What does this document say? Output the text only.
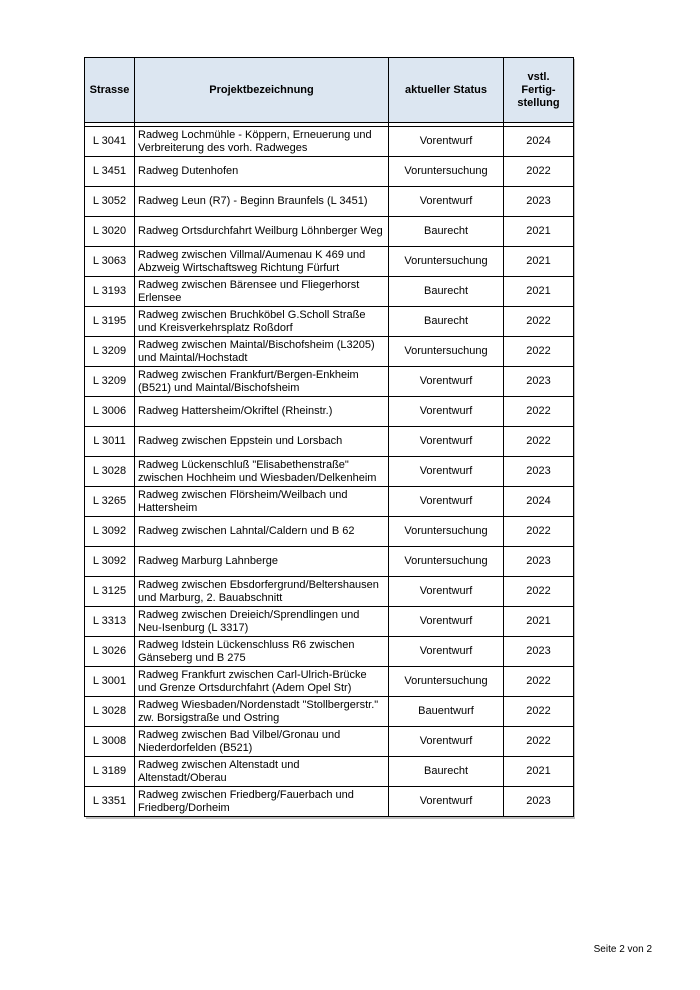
Strasse	Projektbezeichnung	aktueller Status	vstl. Fertig-stellung

L 3041	Radweg Lochmühle - Köppern, Erneuerung und Verbreiterung des vorh. Radweges	Vorentwurf	2024
L 3451	Radweg Dutenhofen	Voruntersuchung	2022
L 3052	Radweg Leun (R7) - Beginn Braunfels (L 3451)	Vorentwurf	2023
L 3020	Radweg Ortsdurchfahrt Weilburg Löhnberger Weg	Baurecht	2021
L 3063	Radweg zwischen Villmal/Aumenau K 469 und Abzweig Wirtschaftsweg Richtung Fürfurt	Voruntersuchung	2021
L 3193	Radweg zwischen Bärensee und Fliegerhorst Erlensee	Baurecht	2021
L 3195	Radweg zwischen Bruchköbel G.Scholl Straße und Kreisverkehrsplatz Roßdorf	Baurecht	2022
L 3209	Radweg zwischen Maintal/Bischofsheim (L3205) und Maintal/Hochstadt	Voruntersuchung	2022
L 3209	Radweg zwischen Frankfurt/Bergen-Enkheim (B521) und Maintal/Bischofsheim	Vorentwurf	2023
L 3006	Radweg Hattersheim/Okriftel (Rheinstr.)	Vorentwurf	2022
L 3011	Radweg zwischen Eppstein und Lorsbach	Vorentwurf	2022
L 3028	Radweg Lückenschluß "Elisabethenstraße" zwischen Hochheim und Wiesbaden/Delkenheim	Vorentwurf	2023
L 3265	Radweg zwischen Flörsheim/Weilbach und Hattersheim	Vorentwurf	2024
L 3092	Radweg zwischen Lahntal/Caldern und B 62	Voruntersuchung	2022
L 3092	Radweg Marburg Lahnberge	Voruntersuchung	2023
L 3125	Radweg zwischen Ebsdorfergrund/Beltershausen und Marburg, 2. Bauabschnitt	Vorentwurf	2022
L 3313	Radweg zwischen Dreieich/Sprendlingen und Neu-Isenburg (L 3317)	Vorentwurf	2021
L 3026	Radweg Idstein Lückenschluss R6 zwischen Gänseberg und B 275	Vorentwurf	2023
L 3001	Radweg Frankfurt zwischen Carl-Ulrich-Brücke und Grenze Ortsdurchfahrt (Adem Opel Str)	Voruntersuchung	2022
L 3028	Radweg Wiesbaden/Nordenstadt "Stollbergerstr." zw. Borsigstraße und Ostring	Bauentwurf	2022
L 3008	Radweg zwischen Bad Vilbel/Gronau und Niederdorfelden (B521)	Vorentwurf	2022
L 3189	Radweg zwischen Altenstadt und Altenstadt/Oberau	Baurecht	2021
L 3351	Radweg zwischen Friedberg/Fauerbach und Friedberg/Dorheim	Vorentwurf	2023
Seite 2 von 2
